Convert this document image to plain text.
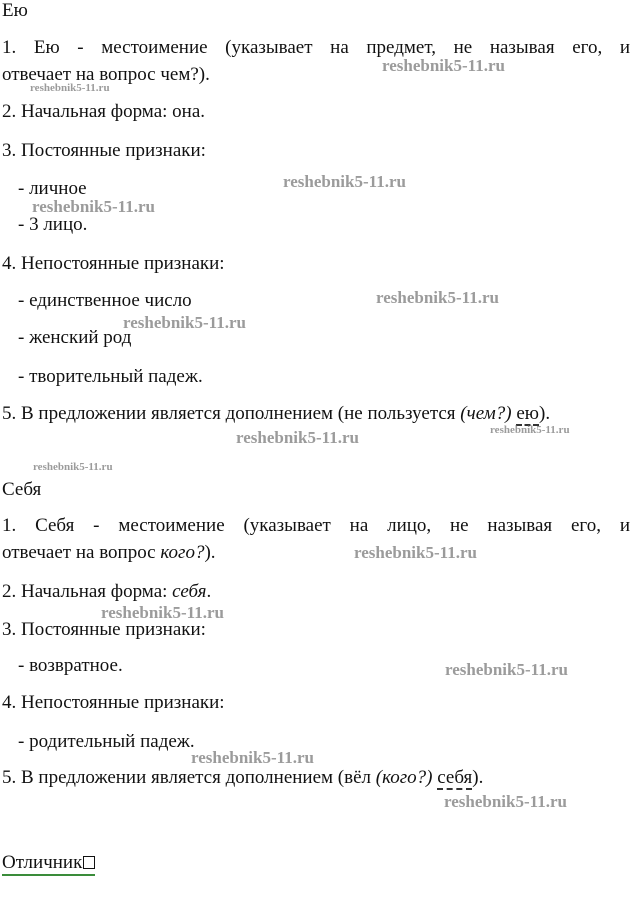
Ею
1. Ею - местоимение (указывает на предмет, не называя его, и
отвечает на вопрос чем?).
2. Начальная форма: она.
3. Постоянные признаки:
- личное
- 3 лицо.
4. Непостоянные признаки:
- единственное число
- женский род
- творительный падеж.
5. В предложении является дополнением (не пользуется (чем?) ею).
Себя
1. Себя - местоимение (указывает на лицо, не называя его, и
отвечает на вопрос кого?).
2. Начальная форма: себя.
3. Постоянные признаки:
- возвратное.
4. Непостоянные признаки:
- родительный падеж.
5. В предложении является дополнением (вёл (кого?) себя).
reshebnik5-11.ru
reshebnik5-11.ru
reshebnik5-11.ru
reshebnik5-11.ru
reshebnik5-11.ru
reshebnik5-11.ru
reshebnik5-11.ru	reshebnik5-11.ru
reshebnik5-11.ru
reshebnik5-11.ru
reshebnik5-11.ru
reshebnik5-11.ru
reshebnik5-11.ru
reshebnik5-11.ru
Отличник
